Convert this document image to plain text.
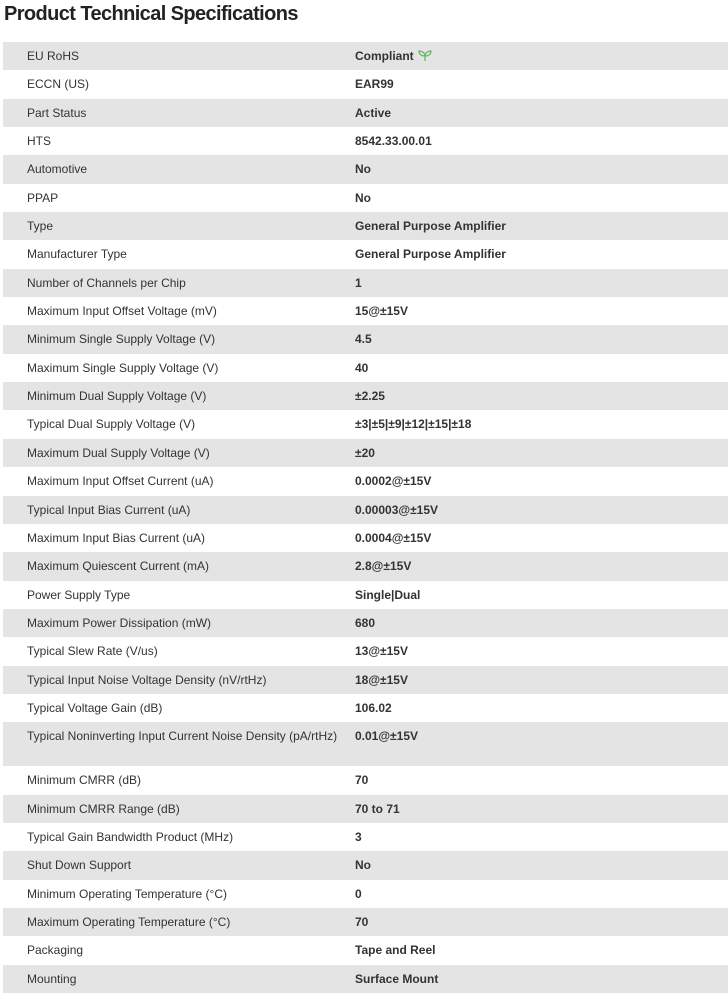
Product Technical Specifications
EU RoHS	Compliant

ECCN (US)	EAR99

Part Status	Active

HTS	8542.33.00.01

Automotive	No

PPAP	No

Type	General Purpose Amplifier

Manufacturer Type	General Purpose Amplifier

Number of Channels per Chip	1

Maximum Input Offset Voltage (mV)	15@±15V

Minimum Single Supply Voltage (V)	4.5

Maximum Single Supply Voltage (V)	40

Minimum Dual Supply Voltage (V)	±2.25

Typical Dual Supply Voltage (V)	±3|±5|±9|±12|±15|±18

Maximum Dual Supply Voltage (V)	±20

Maximum Input Offset Current (uA)	0.0002@±15V

Typical Input Bias Current (uA)	0.00003@±15V

Maximum Input Bias Current (uA)	0.0004@±15V

Maximum Quiescent Current (mA)	2.8@±15V

Power Supply Type	Single|Dual

Maximum Power Dissipation (mW)	680

Typical Slew Rate (V/us)	13@±15V

Typical Input Noise Voltage Density (nV/rtHz)	18@±15V

Typical Voltage Gain (dB)	106.02

Typical Noninverting Input Current Noise Density (pA/rtHz)	0.01@±15V

Minimum CMRR (dB)	70

Minimum CMRR Range (dB)	70 to 71

Typical Gain Bandwidth Product (MHz)	3

Shut Down Support	No

Minimum Operating Temperature (°C)	0

Maximum Operating Temperature (°C)	70

Packaging	Tape and Reel

Mounting	Surface Mount
